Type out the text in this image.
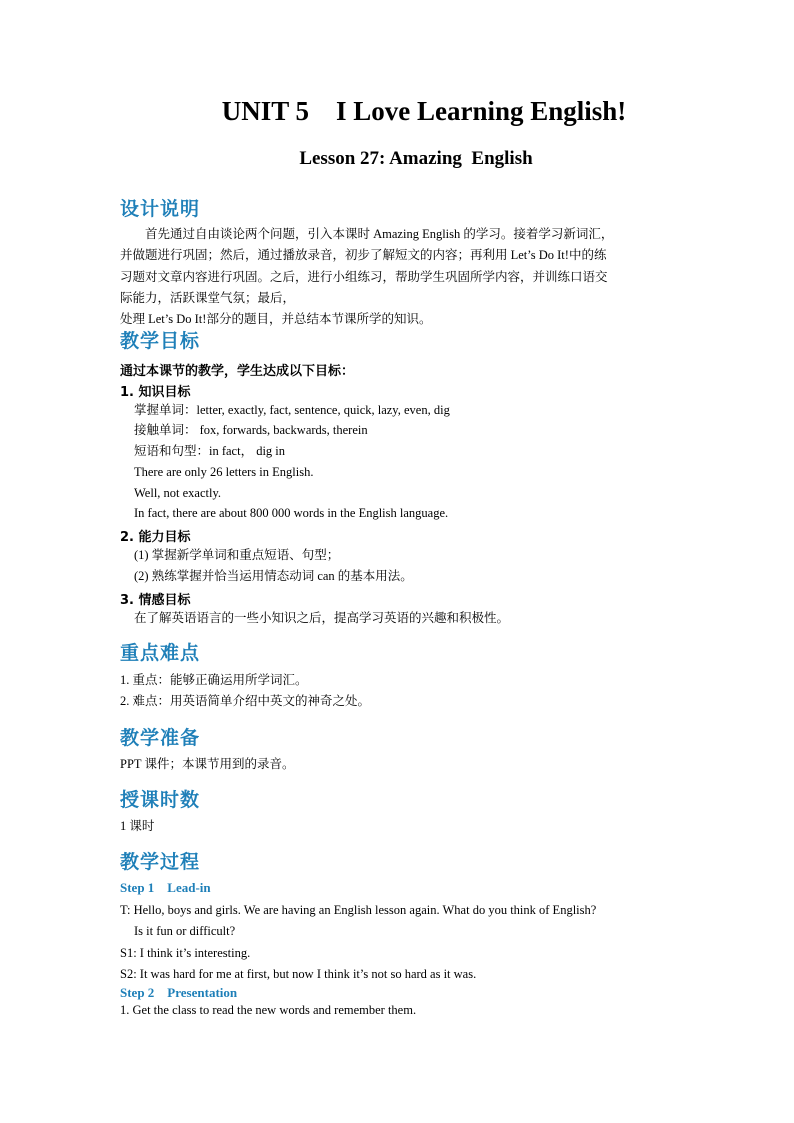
UNIT 5    I Love Learning English!
Lesson 27: Amazing  English
设计说明
　　首先通过自由谈论两个问题，引入本课时 Amazing English 的学习。接着学习新词汇，
并做题进行巩固；然后，通过播放录音，初步了解短文的内容；再利用 Let’s Do It!中的练
习题对文章内容进行巩固。之后，进行小组练习，帮助学生巩固所学内容，并训练口语交
际能力，活跃课堂气氛；最后，
处理 Let’s Do It!部分的题目，并总结本节课所学的知识。
教学目标
通过本课节的教学，学生达成以下目标：
1. 知识目标
掌握单词：letter, exactly, fact, sentence, quick, lazy, even, dig
接触单词： fox, forwards, backwards, therein
短语和句型：in fact， dig in
There are only 26 letters in English.
Well, not exactly.
In fact, there are about 800 000 words in the English language.
2. 能力目标
(1) 掌握新学单词和重点短语、句型；
(2) 熟练掌握并恰当运用情态动词 can 的基本用法。
3. 情感目标
在了解英语语言的一些小知识之后，提高学习英语的兴趣和积极性。
重点难点
1. 重点：能够正确运用所学词汇。
2. 难点：用英语简单介绍中英文的神奇之处。
教学准备
PPT 课件；本课节用到的录音。
授课时数
1 课时
教学过程
Step 1    Lead-in
T: Hello, boys and girls. We are having an English lesson again. What do you think of English?
Is it fun or difficult?
S1: I think it’s interesting.
S2: It was hard for me at first, but now I think it’s not so hard as it was.
Step 2    Presentation
1. Get the class to read the new words and remember them.
